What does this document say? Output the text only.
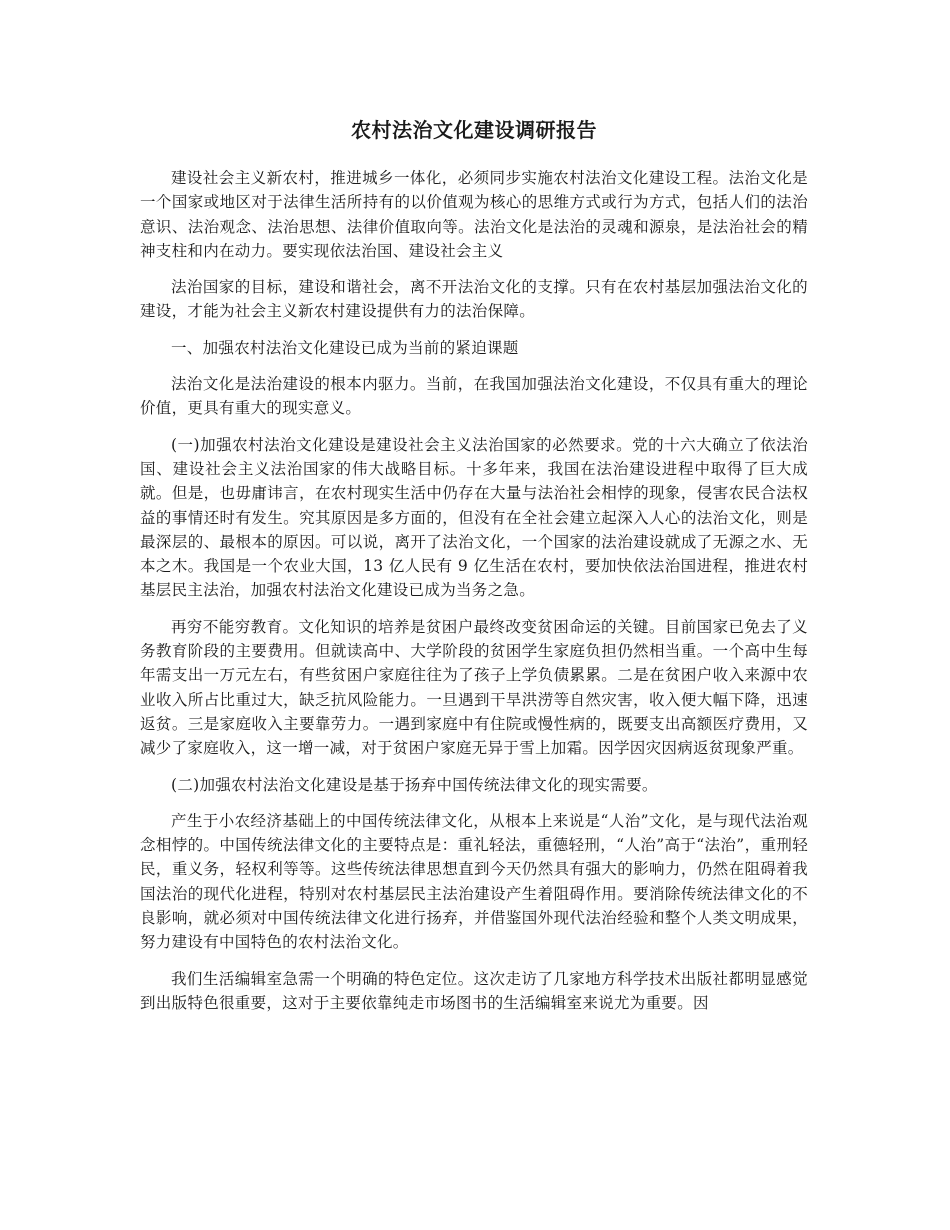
农村法治文化建设调研报告

建设社会主义新农村，推进城乡一体化，必须同步实施农村法治文化建设工程。法治文化是一个国家或地区对于法律生活所持有的以价值观为核心的思维方式或行为方式，包括人们的法治意识、法治观念、法治思想、法律价值取向等。法治文化是法治的灵魂和源泉，是法治社会的精神支柱和内在动力。要实现依法治国、建设社会主义

法治国家的目标，建设和谐社会，离不开法治文化的支撑。只有在农村基层加强法治文化的建设，才能为社会主义新农村建设提供有力的法治保障。

一、加强农村法治文化建设已成为当前的紧迫课题

法治文化是法治建设的根本内驱力。当前，在我国加强法治文化建设，不仅具有重大的理论价值，更具有重大的现实意义。

(一)加强农村法治文化建设是建设社会主义法治国家的必然要求。党的十六大确立了依法治国、建设社会主义法治国家的伟大战略目标。十多年来，我国在法治建设进程中取得了巨大成就。但是，也毋庸讳言，在农村现实生活中仍存在大量与法治社会相悖的现象，侵害农民合法权益的事情还时有发生。究其原因是多方面的，但没有在全社会建立起深入人心的法治文化，则是最深层的、最根本的原因。可以说，离开了法治文化，一个国家的法治建设就成了无源之水、无本之木。我国是一个农业大国，13 亿人民有 9 亿生活在农村，要加快依法治国进程，推进农村基层民主法治，加强农村法治文化建设已成为当务之急。

再穷不能穷教育。文化知识的培养是贫困户最终改变贫困命运的关键。目前国家已免去了义务教育阶段的主要费用。但就读高中、大学阶段的贫困学生家庭负担仍然相当重。一个高中生每年需支出一万元左右，有些贫困户家庭往往为了孩子上学负债累累。二是在贫困户收入来源中农业收入所占比重过大，缺乏抗风险能力。一旦遇到干旱洪涝等自然灾害，收入便大幅下降，迅速返贫。三是家庭收入主要靠劳力。一遇到家庭中有住院或慢性病的，既要支出高额医疗费用，又减少了家庭收入，这一增一减，对于贫困户家庭无异于雪上加霜。因学因灾因病返贫现象严重。

(二)加强农村法治文化建设是基于扬弃中国传统法律文化的现实需要。

产生于小农经济基础上的中国传统法律文化，从根本上来说是“人治”文化，是与现代法治观念相悖的。中国传统法律文化的主要特点是：重礼轻法，重德轻刑，“人治”高于“法治”，重刑轻民，重义务，轻权利等等。这些传统法律思想直到今天仍然具有强大的影响力，仍然在阻碍着我国法治的现代化进程，特别对农村基层民主法治建设产生着阻碍作用。要消除传统法律文化的不良影响，就必须对中国传统法律文化进行扬弃，并借鉴国外现代法治经验和整个人类文明成果，努力建设有中国特色的农村法治文化。

我们生活编辑室急需一个明确的特色定位。这次走访了几家地方科学技术出版社都明显感觉到出版特色很重要，这对于主要依靠纯走市场图书的生活编辑室来说尤为重要。因
